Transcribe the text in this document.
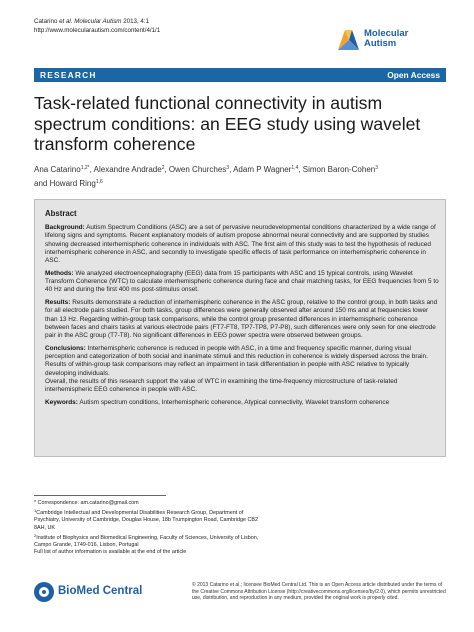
Catarino et al. Molecular Autism 2013, 4:1
http://www.molecularautism.com/content/4/1/1	Molecular
Autism
RESEARCH	Open Access
Task-related functional connectivity in autism spectrum conditions: an EEG study using wavelet transform coherence
Ana Catarino$^{1,2*}$, Alexandre Andrade$^2$, Owen Churches$^3$, Adam P Wagner$^{1,4}$, Simon Baron-Cohen$^3$
and Howard Ring$^{1,6}$
Abstract

Background: Autism Spectrum Conditions (ASC) are a set of pervasive neurodevelopmental conditions characterized by a wide range of lifelong signs and symptoms. Recent explanatory models of autism propose abnormal neural connectivity and are supported by studies showing decreased interhemispheric coherence in individuals with ASC. The first aim of this study was to test the hypothesis of reduced interhemispheric coherence in ASC, and secondly to investigate specific effects of task performance on interhemispheric coherence in ASC.

Methods: We analyzed electroencephalography (EEG) data from 15 participants with ASC and 15 typical controls, using Wavelet Transform Coherence (WTC) to calculate interhemispheric coherence during face and chair matching tasks, for EEG frequencies from 5 to 40 Hz and during the first 400 ms post-stimulus onset.

Results: Results demonstrate a reduction of interhemispheric coherence in the ASC group, relative to the control group, in both tasks and for all electrode pairs studied. For both tasks, group differences were generally observed after around 150 ms and at frequencies lower than 13 Hz. Regarding within-group task comparisons, while the control group presented differences in interhemispheric coherence between faces and chairs tasks at various electrode pairs (FT7-FT8, TP7-TP8, P7-P8), such differences were only seen for one electrode pair in the ASC group (T7-T8). No significant differences in EEG power spectra were observed between groups.

Conclusions: Interhemispheric coherence is reduced in people with ASC, in a time and frequency specific manner, during visual perception and categorization of both social and inanimate stimuli and this reduction in coherence is widely dispersed across the brain.

Results of within-group task comparisons may reflect an impairment in task differentiation in people with ASC relative to typically developing individuals.

Overall, the results of this research support the value of WTC in examining the time-frequency microstructure of task-related interhemispheric EEG coherence in people with ASC.

Keywords: Autism spectrum conditions, Interhemispheric coherence, Atypical connectivity, Wavelet transform coherence

* Correspondence: am.catarino@gmail.com
$^1$Cambridge Intellectual and Developmental Disabilities Research Group, Department of Psychiatry, University of Cambridge, Douglas House, 18b Trumpington Road, Cambridge CB2 8AH, UK
$^2$Institute of Biophysics and Biomedical Engineering, Faculty of Sciences, University of Lisbon, Campo Grande, 1749-016, Lisbon, Portugal
Full list of author information is available at the end of the article
BioMed Central	© 2013 Catarino et al.; licensee BioMed Central Ltd. This is an Open Access article distributed under the terms of the Creative Commons Attribution License (http://creativecommons.org/licenses/by/2.0), which permits unrestricted use, distribution, and reproduction in any medium, provided the original work is properly cited.
